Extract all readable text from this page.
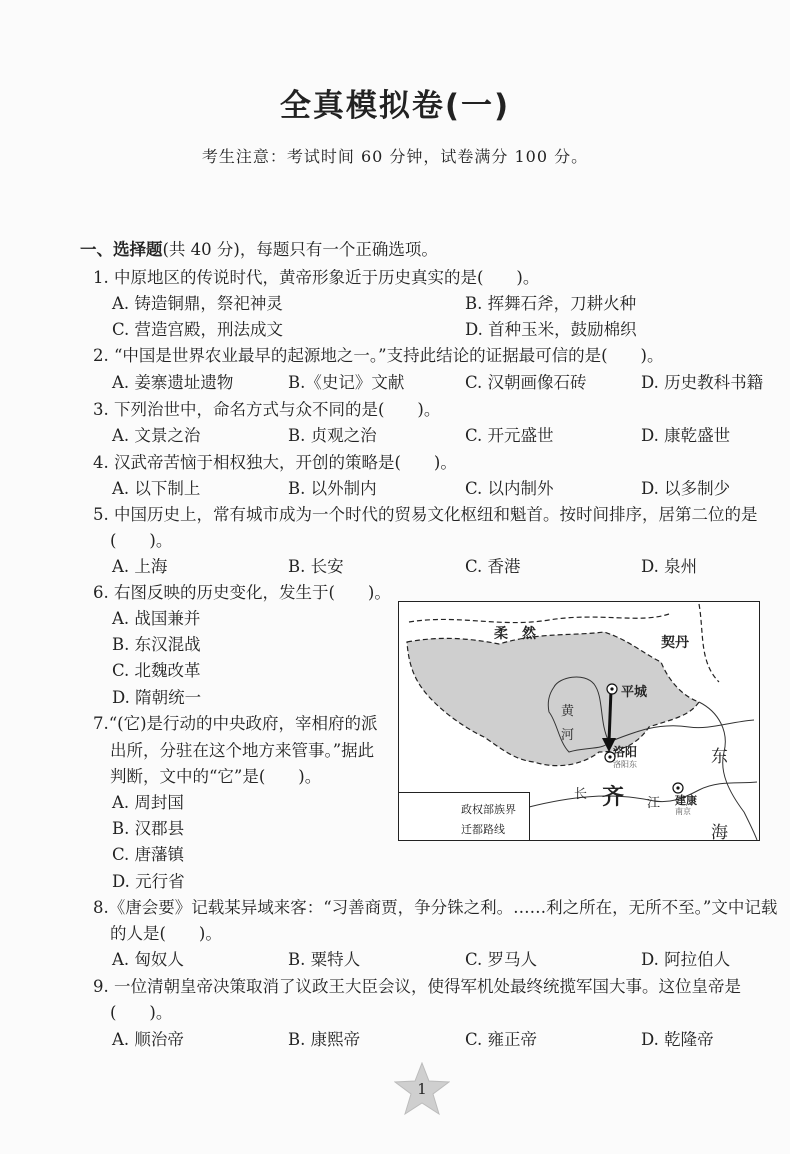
全真模拟卷(一)
考生注意：考试时间 60 分钟，试卷满分 100 分。
一、选择题(共 40 分)，每题只有一个正确选项。
1. 中原地区的传说时代，黄帝形象近于历史真实的是(　　)。
A. 铸造铜鼎，祭祀神灵	B. 挥舞石斧，刀耕火种
C. 营造宫殿，刑法成文	D. 首种玉米，鼓励棉织
2. “中国是世界农业最早的起源地之一。”支持此结论的证据最可信的是(　　)。
A. 姜寨遗址遗物	B.《史记》文献	C. 汉朝画像石砖	D. 历史教科书籍
3. 下列治世中，命名方式与众不同的是(　　)。
A. 文景之治	B. 贞观之治	C. 开元盛世	D. 康乾盛世
4. 汉武帝苦恼于相权独大，开创的策略是(　　)。
A. 以下制上	B. 以外制内	C. 以内制外	D. 以多制少
5. 中国历史上，常有城市成为一个时代的贸易文化枢纽和魁首。按时间排序，居第二位的是
(　　)。
A. 上海	B. 长安	C. 香港	D. 泉州
6. 右图反映的历史变化，发生于(　　)。
A. 战国兼并
B. 东汉混战
C. 北魏改革
D. 隋朝统一
7.“(它)是行动的中央政府，宰相府的派
出所，分驻在这个地方来管事。”据此
判断，文中的“它”是(　　)。
A. 周封国
B. 汉郡县
C. 唐藩镇
D. 元行省
8.《唐会要》记载某异域来客：“习善商贾，争分铢之利。……利之所在，无所不至。”文中记载
的人是(　　)。
A. 匈奴人	B. 粟特人	C. 罗马人	D. 阿拉伯人
9. 一位清朝皇帝决策取消了议政王大臣会议，使得军机处最终统揽军国大事。这位皇帝是
(　　)。
A. 顺治帝	B. 康熙帝	C. 雍正帝	D. 乾隆帝
政权部族界
迁都路线
柔　然
契丹
平城
黄
河
洛阳
洛阳东	东
海
长 齐 江 建康
南京
1
